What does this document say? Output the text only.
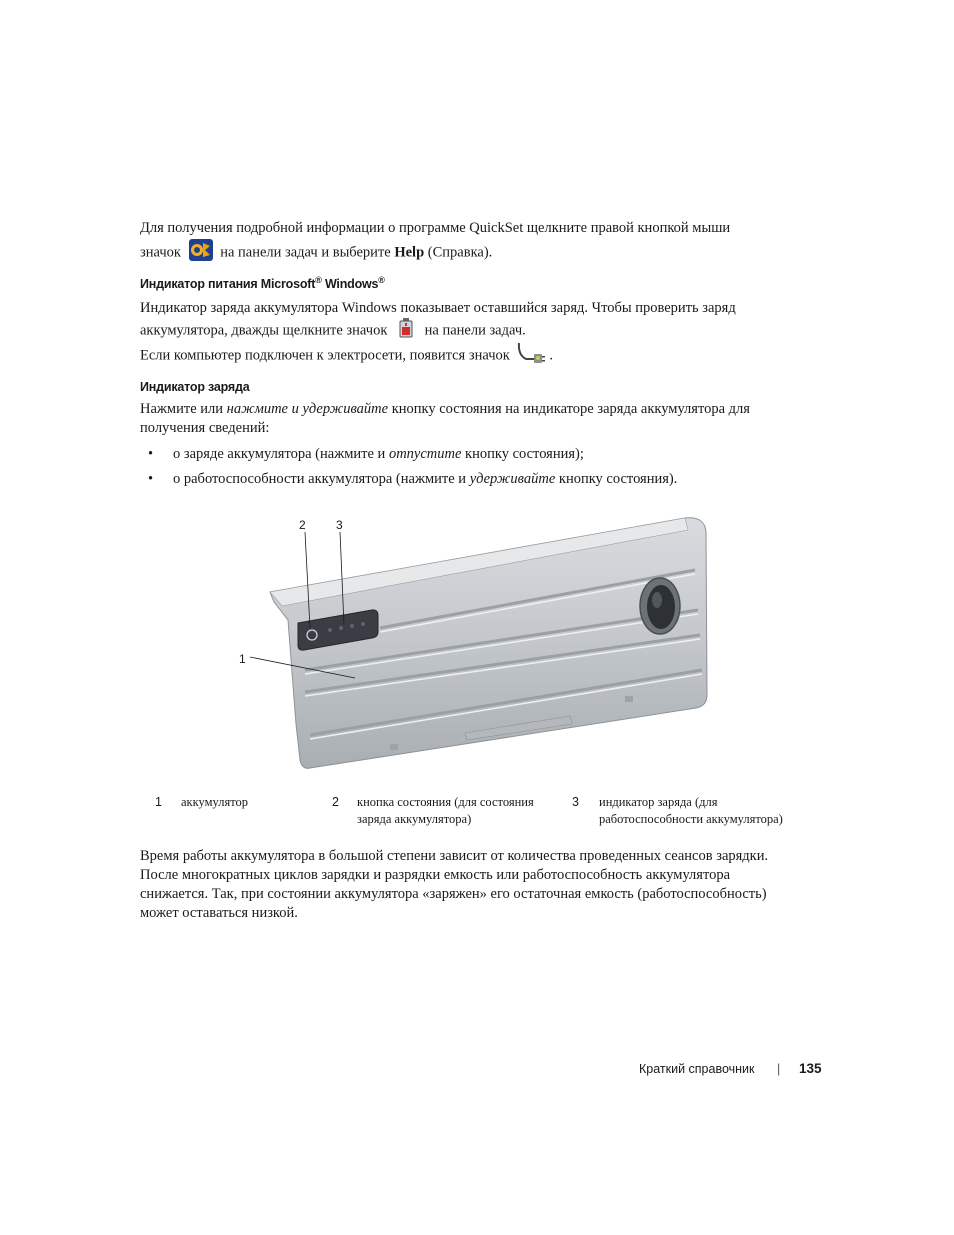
Для получения подробной информации о программе QuickSet щелкните правой кнопкой мыши
значок	на панели задач и выберите Help (Справка).
Индикатор питания Microsoft® Windows®
Индикатор заряда аккумулятора Windows показывает оставшийся заряд. Чтобы проверить заряд
аккумулятора, дважды щелкните значок	на панели задач.
Если компьютер подключен к электросети, появится значок	.
Индикатор заряда
Нажмите или нажмите и удерживайте кнопку состояния на индикаторе заряда аккумулятора для
получения сведений:
• о заряде аккумулятора (нажмите и отпустите кнопку состояния);
• о работоспособности аккумулятора (нажмите и удерживайте кнопку состояния).
2	3
1
1 аккумулятор	2 кнопка состояния (для состояния
заряда аккумулятора)
3 индикатор заряда (для
работоспособности аккумулятора)
Время работы аккумулятора в большой степени зависит от количества проведенных сеансов зарядки.
После многократных циклов зарядки и разрядки емкость или работоспособность аккумулятора
снижается. Так, при состоянии аккумулятора «заряжен» его остаточная емкость (работоспособность)
может оставаться низкой.
Краткий справочник | 135
